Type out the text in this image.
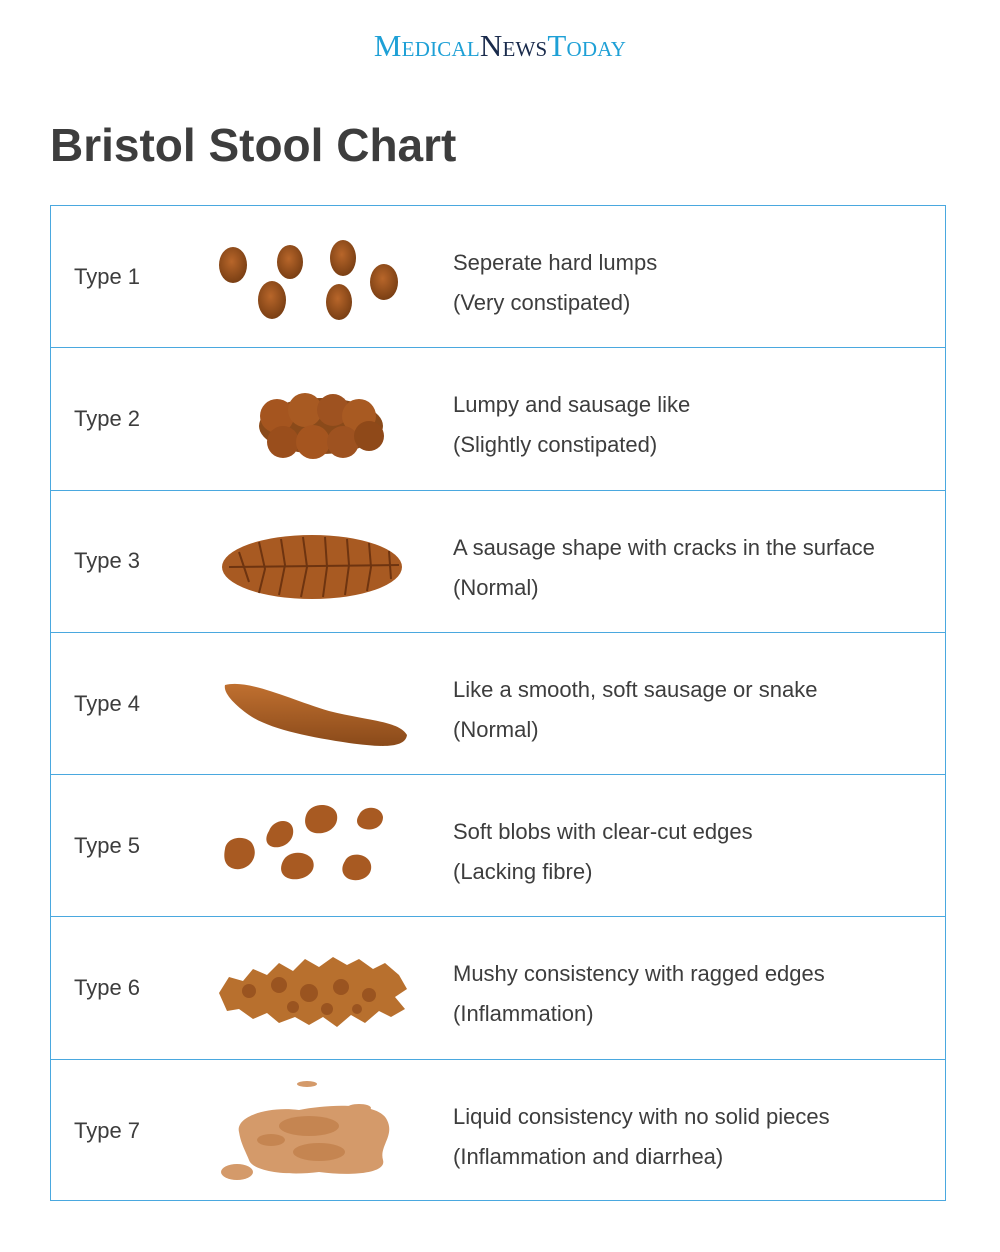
MEDICALNEWSTODAY
Bristol Stool Chart
Type 1
Seperate hard lumps
(Very constipated)
Type 2
Lumpy and sausage like
(Slightly constipated)
Type 3
A sausage shape with cracks in the surface
(Normal)
Type 4
Like a smooth, soft sausage or snake
(Normal)
Type 5
Soft blobs with clear-cut edges
(Lacking fibre)
Type 6
Mushy consistency with ragged edges
(Inflammation)
Type 7
Liquid consistency with no solid pieces
(Inflammation and diarrhea)
